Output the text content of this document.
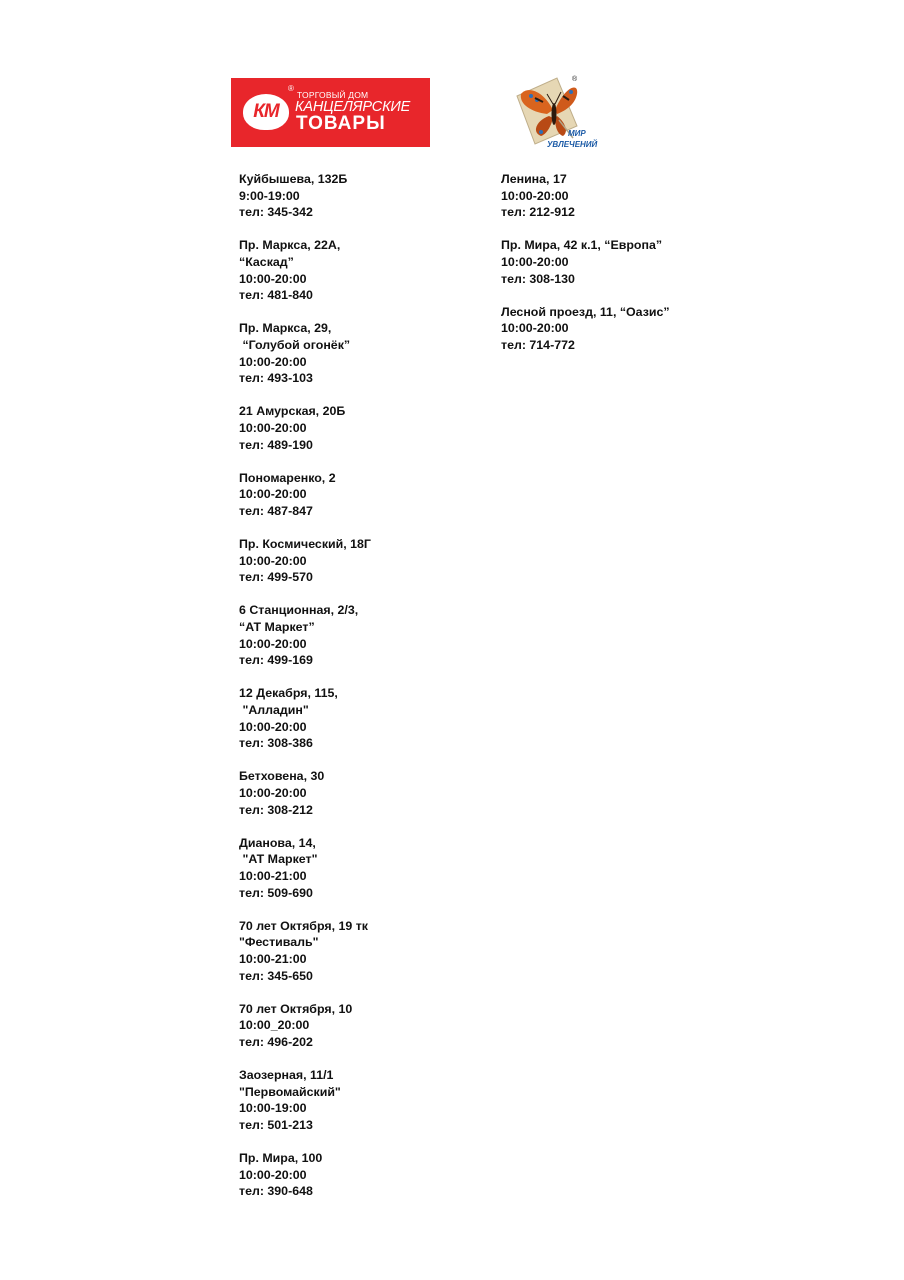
КМ
®
ТОРГОВЫЙ ДОМ
КАНЦЕЛЯРСКИЕ
ТОВАРЫ
®
МИР
УВЛЕЧЕНИЙ
Куйбышева, 132Б
9:00-19:00
тел: 345-342
Пр. Маркса, 22А,
“Каскад”
10:00-20:00
тел: 481-840
Пр. Маркса, 29,
“Голубой огонёк”
10:00-20:00
тел: 493-103
21 Амурская, 20Б
10:00-20:00
тел: 489-190
Пономаренко, 2
10:00-20:00
тел: 487-847
Пр. Космический, 18Г
10:00-20:00
тел: 499-570
6 Станционная, 2/3,
“АТ Маркет”
10:00-20:00
тел: 499-169
12 Декабря, 115,
"Алладин"
10:00-20:00
тел: 308-386
Бетховена, 30
10:00-20:00
тел: 308-212
Дианова, 14,
"АТ Маркет"
10:00-21:00
тел: 509-690
70 лет Октября, 19 тк
"Фестиваль"
10:00-21:00
тел: 345-650
70 лет Октября, 10
10:00_20:00
тел: 496-202
Заозерная, 11/1
"Первомайский"
10:00-19:00
тел: 501-213
Пр. Мира, 100
10:00-20:00
тел: 390-648
Ленина, 17
10:00-20:00
тел: 212-912
Пр. Мира, 42 к.1, “Европа”
10:00-20:00
тел: 308-130
Лесной проезд, 11, “Оазис”
10:00-20:00
тел: 714-772
